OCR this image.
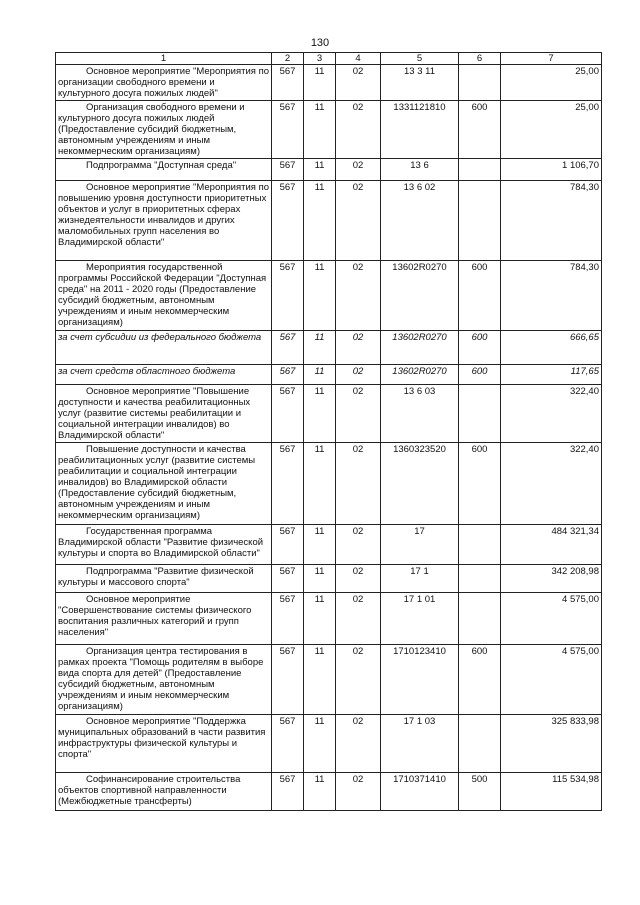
130
1	2	3	4	5	6	7
Основное мероприятие "Мероприятия по организации свободного времени и культурного досуга пожилых людей"	567	11	02	13 3 11		25,00
Организация свободного времени и культурного досуга пожилых людей (Предоставление субсидий бюджетным, автономным учреждениям и иным некоммерческим организациям)	567	11	02	1331121810	600	25,00
Подпрограмма "Доступная среда"	567	11	02	13 6		1 106,70
Основное мероприятие "Мероприятия по повышению уровня доступности приоритетных объектов и услуг в приоритетных сферах жизнедеятельности инвалидов и других маломобильных групп населения во Владимирской области"	567	11	02	13 6 02		784,30
Мероприятия государственной программы Российской Федерации "Доступная среда" на 2011 - 2020 годы (Предоставление субсидий бюджетным, автономным учреждениям и иным некоммерческим организациям)	567	11	02	13602R0270	600	784,30
за счет субсидии из федерального бюджета	567	11	02	13602R0270	600	666,65
за счет средств областного бюджета	567	11	02	13602R0270	600	117,65
Основное мероприятие "Повышение доступности и качества реабилитационных услуг (развитие системы реабилитации и социальной интеграции инвалидов) во Владимирской области"	567	11	02	13 6 03		322,40
Повышение доступности и качества реабилитационных услуг (развитие системы реабилитации и социальной интеграции инвалидов) во Владимирской области (Предоставление субсидий бюджетным, автономным учреждениям и иным некоммерческим организациям)	567	11	02	1360323520	600	322,40
Государственная программа Владимирской области "Развитие физической культуры и спорта во Владимирской области"	567	11	02	17		484 321,34
Подпрограмма "Развитие физической культуры и массового спорта"	567	11	02	17 1		342 208,98
Основное мероприятие "Совершенствование системы физического воспитания различных категорий и групп населения"	567	11	02	17 1 01		4 575,00
Организация центра тестирования в рамках проекта "Помощь родителям в выборе вида спорта для детей" (Предоставление субсидий бюджетным, автономным учреждениям и иным некоммерческим организациям)	567	11	02	1710123410	600	4 575,00
Основное мероприятие "Поддержка муниципальных образований в части развития инфраструктуры физической культуры и спорта"	567	11	02	17 1 03		325 833,98
Софинансирование строительства объектов спортивной направленности (Межбюджетные трансферты)	567	11	02	1710371410	500	115 534,98
